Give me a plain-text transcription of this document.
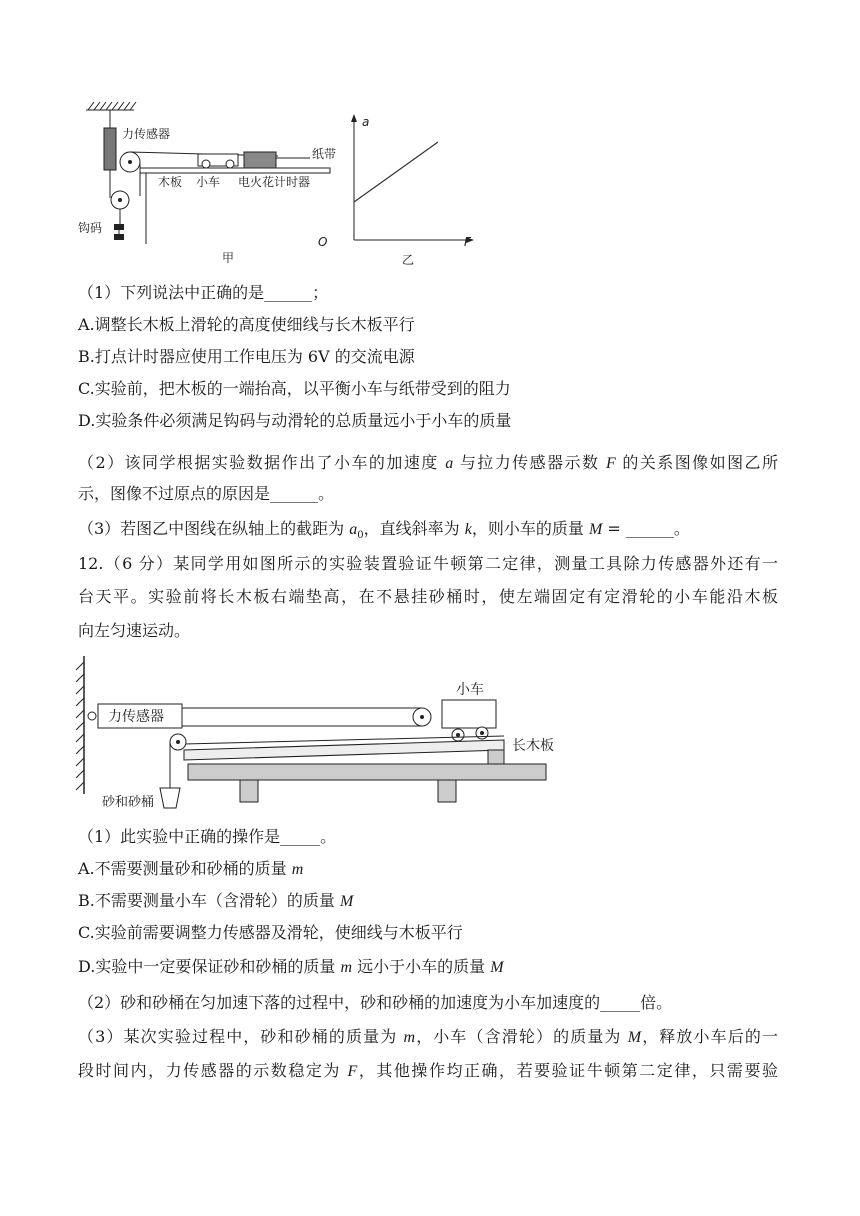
力传感器
纸带
木板 小车 电火花计时器
钩码
甲
a
F
O
乙
（1）下列说法中正确的是______；
A.调整长木板上滑轮的高度使细线与长木板平行
B.打点计时器应使用工作电压为 6V 的交流电源
C.实验前，把木板的一端抬高，以平衡小车与纸带受到的阻力
D.实验条件必须满足钩码与动滑轮的总质量远小于小车的质量
（2）该同学根据实验数据作出了小车的加速度 a 与拉力传感器示数 F 的关系图像如图乙所
示，图像不过原点的原因是______。
（3）若图乙中图线在纵轴上的截距为 $a_0$，直线斜率为 k，则小车的质量 M = ______。
12.（6 分）某同学用如图所示的实验装置验证牛顿第二定律，测量工具除力传感器外还有一
台天平。实验前将长木板右端垫高，在不悬挂砂桶时，使左端固定有定滑轮的小车能沿木板
向左匀速运动。
力传感器
小车
砂和砂桶
长木板
（1）此实验中正确的操作是_____。
A.不需要测量砂和砂桶的质量 m
B.不需要测量小车（含滑轮）的质量 M
C.实验前需要调整力传感器及滑轮，使细线与木板平行
D.实验中一定要保证砂和砂桶的质量 m 远小于小车的质量 M
（2）砂和砂桶在匀加速下落的过程中，砂和砂桶的加速度为小车加速度的_____倍。
（3）某次实验过程中，砂和砂桶的质量为 m，小车（含滑轮）的质量为 M，释放小车后的一
段时间内，力传感器的示数稳定为 F，其他操作均正确，若要验证牛顿第二定律，只需要验
